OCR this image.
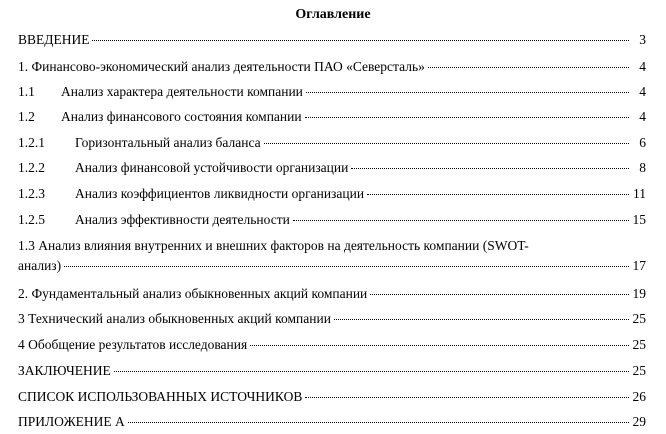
Оглавление
ВВЕДЕНИЕ	3
1. Финансово-экономический анализ деятельности ПАО «Северсталь»	4
1.1	Анализ характера деятельности компании	4
1.2	Анализ финансового состояния компании	4
1.2.1	Горизонтальный анализ баланса	6
1.2.2	Анализ финансовой устойчивости организации	8
1.2.3	Анализ коэффициентов ликвидности организации	11
1.2.5	Анализ эффективности деятельности	15
1.3 Анализ влияния внутренних и внешних факторов на деятельность компании (SWOT-
анализ)	17
2. Фундаментальный анализ обыкновенных акций компании	19
3 Технический анализ обыкновенных акций компании	25
4 Обобщение результатов исследования	25
ЗАКЛЮЧЕНИЕ	25
СПИСОК ИСПОЛЬЗОВАННЫХ ИСТОЧНИКОВ	26
ПРИЛОЖЕНИЕ А	29
